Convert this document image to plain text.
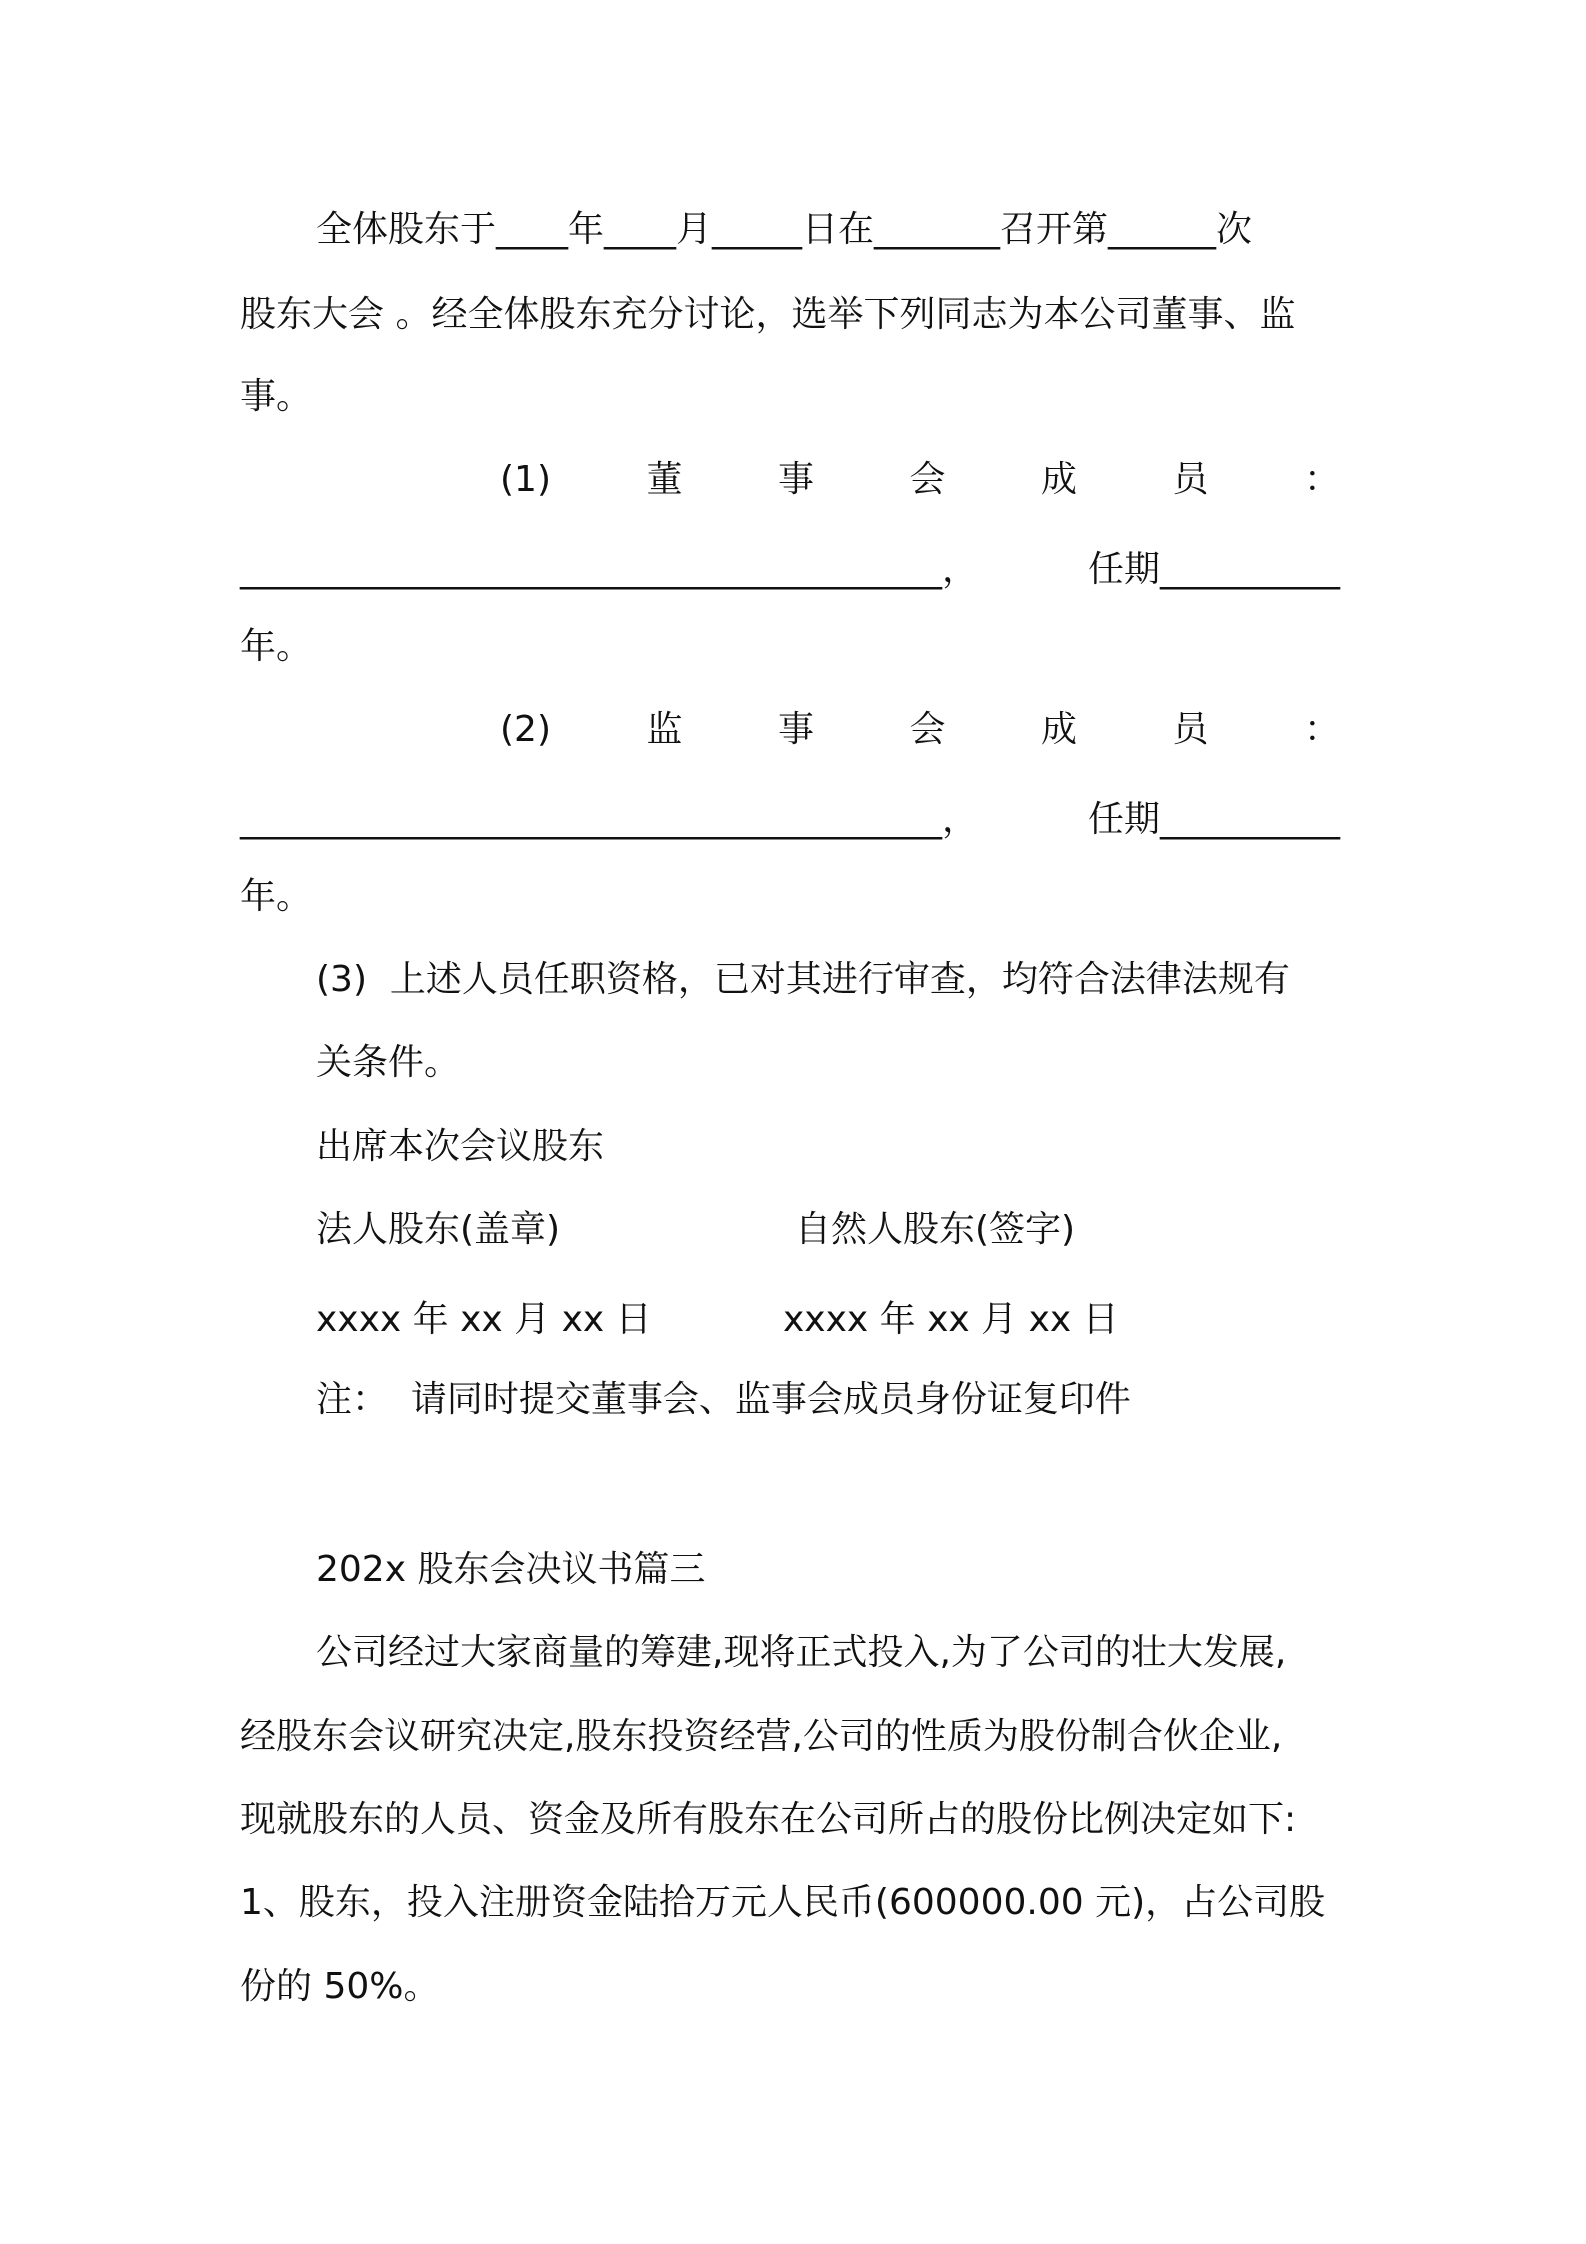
全体股东于____年____月_____日在_______召开第______次

股东大会 。经全体股东充分讨论，选举下列同志为本公司董事、监

事。

(1)	董	事	会	成	员	：
_______________________________________，	任期__________

年。

(2)	监	事	会	成	员	：
_______________________________________，	任期__________

年。

(3)  上述人员任职资格，已对其进行审查，均符合法律法规有

关条件。

出席本次会议股东

法人股东(盖章)	自然人股东(签字)
xxxx 年 xx 月 xx 日	xxxx 年 xx 月 xx 日

注：  请同时提交董事会、监事会成员身份证复印件

202x 股东会决议书篇三

公司经过大家商量的筹建,现将正式投入,为了公司的壮大发展,

经股东会议研究决定,股东投资经营,公司的性质为股份制合伙企业,

现就股东的人员、资金及所有股东在公司所占的股份比例决定如下:

1、股东，投入注册资金陆拾万元人民币(600000.00 元)，占公司股

份的 50%。
